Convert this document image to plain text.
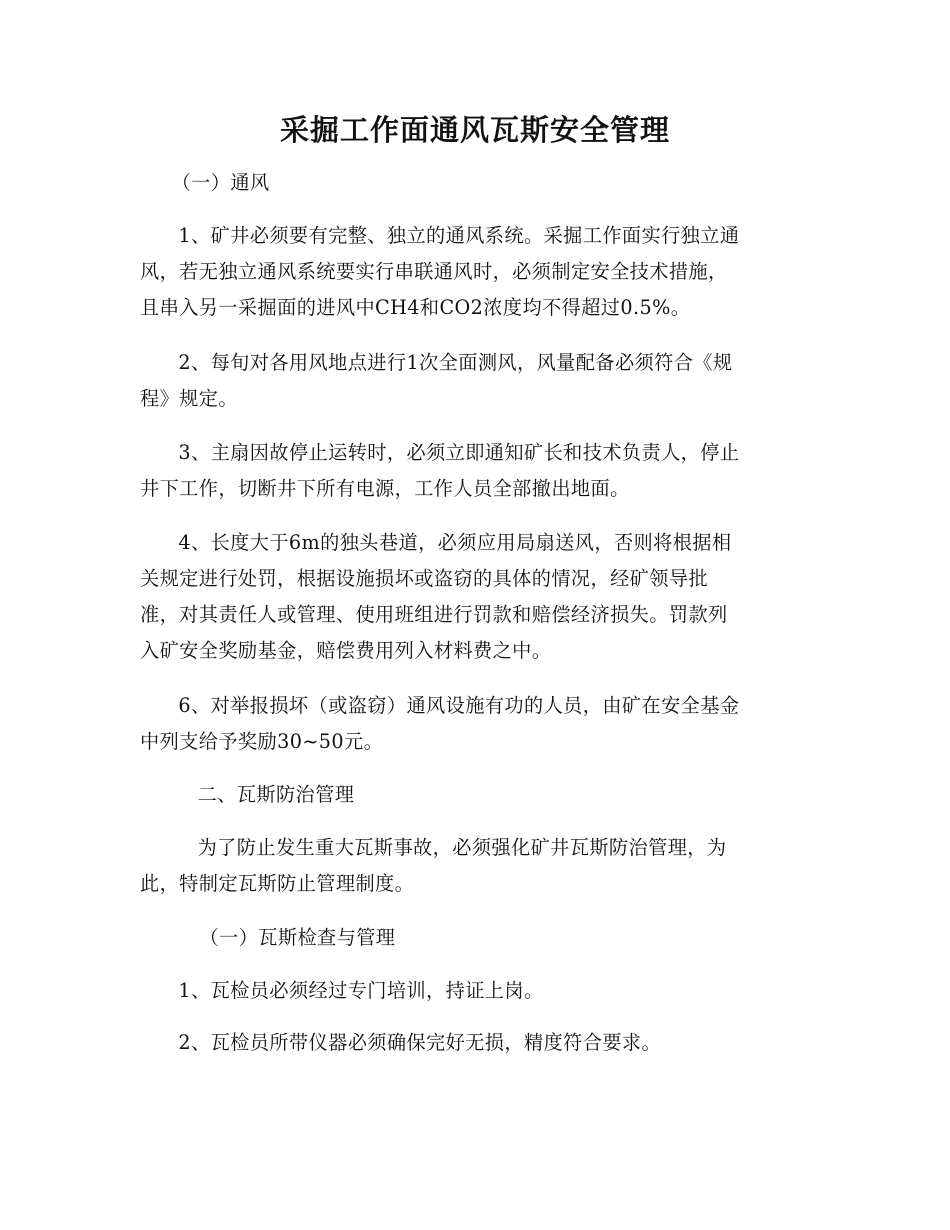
采掘工作面通风瓦斯安全管理

（一）通风

1、矿井必须要有完整、独立的通风系统。采掘工作面实行独立通
风，若无独立通风系统要实行串联通风时，必须制定安全技术措施，
且串入另一采掘面的进风中CH4和CO2浓度均不得超过0.5%。
2、每旬对各用风地点进行1次全面测风，风量配备必须符合《规
程》规定。
3、主扇因故停止运转时，必须立即通知矿长和技术负责人，停止
井下工作，切断井下所有电源，工作人员全部撤出地面。
4、长度大于6m的独头巷道，必须应用局扇送风，否则将根据相
关规定进行处罚，根据设施损坏或盗窃的具体的情况，经矿领导批
准，对其责任人或管理、使用班组进行罚款和赔偿经济损失。罚款列
入矿安全奖励基金，赔偿费用列入材料费之中。
6、对举报损坏（或盗窃）通风设施有功的人员，由矿在安全基金
中列支给予奖励30~50元。

二、瓦斯防治管理

为了防止发生重大瓦斯事故，必须强化矿井瓦斯防治管理，为
此，特制定瓦斯防止管理制度。

（一）瓦斯检查与管理

1、瓦检员必须经过专门培训，持证上岗。
2、瓦检员所带仪器必须确保完好无损，精度符合要求。
